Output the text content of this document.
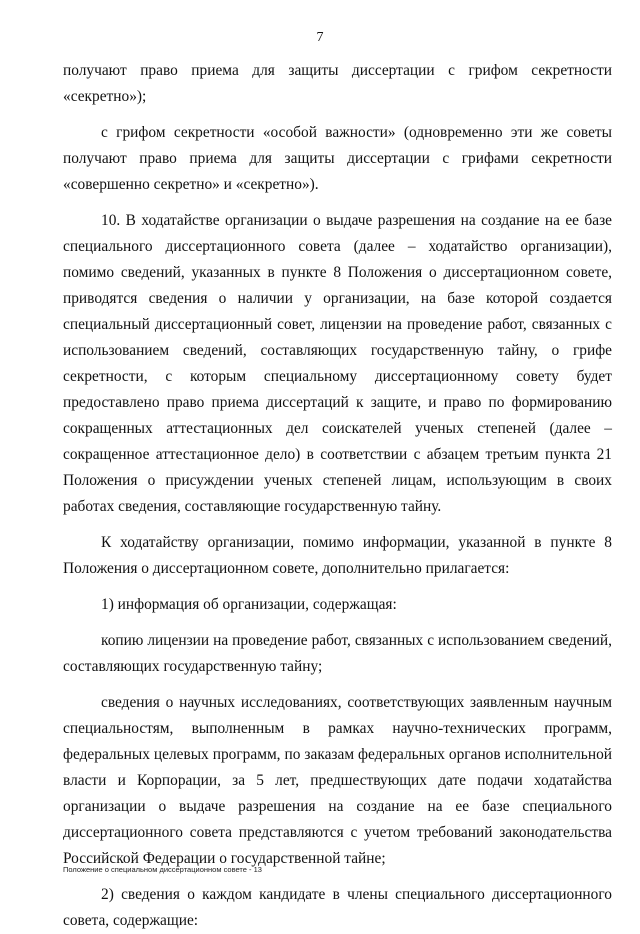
7

получают право приема для защиты диссертации с грифом секретности «секретно»);

с грифом секретности «особой важности» (одновременно эти же советы получают право приема для защиты диссертации с грифами секретности «совершенно секретно» и «секретно»).

10. В ходатайстве организации о выдаче разрешения на создание на ее базе специального диссертационного совета (далее – ходатайство организации), помимо сведений, указанных в пункте 8 Положения о диссертационном совете, приводятся сведения о наличии у организации, на базе которой создается специальный диссертационный совет, лицензии на проведение работ, связанных с использованием сведений, составляющих государственную тайну, о грифе секретности, с которым специальному диссертационному совету будет предоставлено право приема диссертаций к защите, и право по формированию сокращенных аттестационных дел соискателей ученых степеней (далее – сокращенное аттестационное дело) в соответствии с абзацем третьим пункта 21 Положения о присуждении ученых степеней лицам, использующим в своих работах сведения, составляющие государственную тайну.

К ходатайству организации, помимо информации, указанной в пункте 8 Положения о диссертационном совете, дополнительно прилагается:

1) информация об организации, содержащая:

копию лицензии на проведение работ, связанных с использованием сведений, составляющих государственную тайну;

сведения о научных исследованиях, соответствующих заявленным научным специальностям, выполненным в рамках научно-технических программ, федеральных целевых программ, по заказам федеральных органов исполнительной власти и Корпорации, за 5 лет, предшествующих дате подачи ходатайства организации о выдаче разрешения на создание на ее базе специального диссертационного совета представляются с учетом требований законодательства Российской Федерации о государственной тайне;

2) сведения о каждом кандидате в члены специального диссертационного совета, содержащие:

Положение о специальном диссертационном совете - 13
